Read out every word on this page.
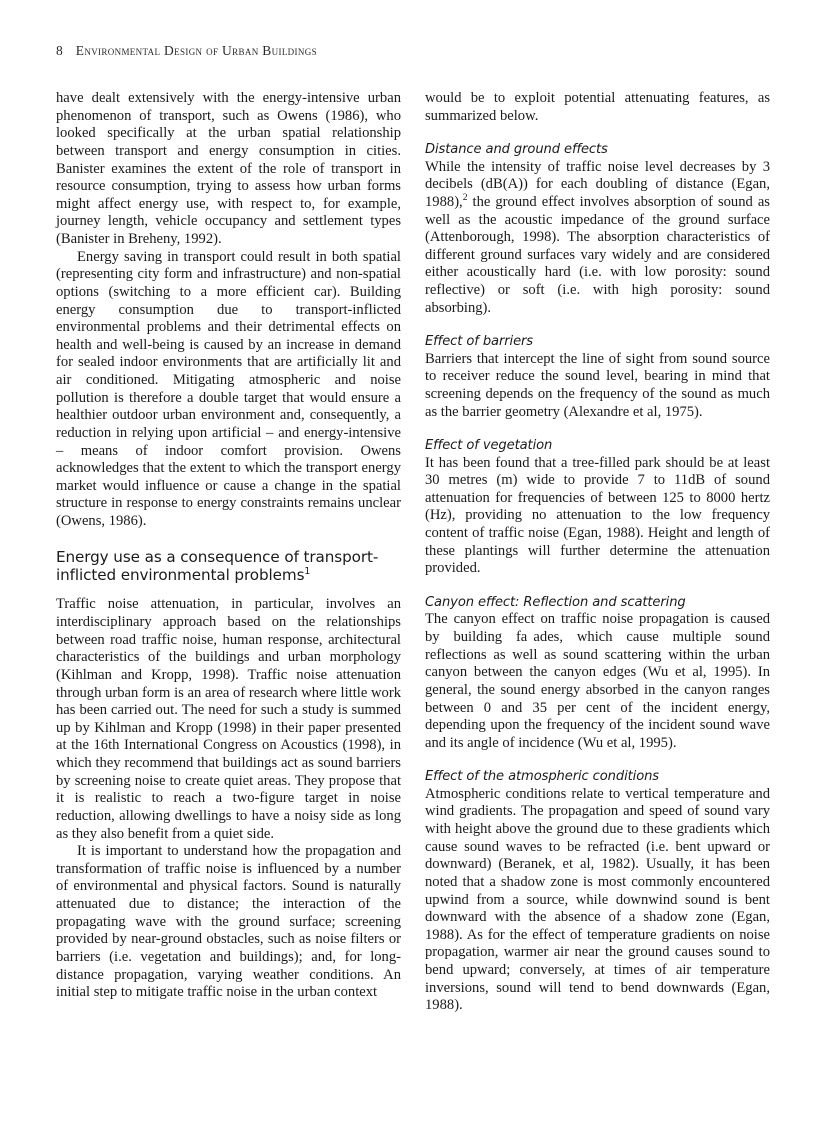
8 Environmental Design of Urban Buildings

have dealt extensively with the energy-intensive urban phenomenon of transport, such as Owens (1986), who looked specifically at the urban spatial relationship between transport and energy consumption in cities. Banister examines the extent of the role of transport in resource consumption, trying to assess how urban forms might affect energy use, with respect to, for example, journey length, vehicle occupancy and settlement types (Banister in Breheny, 1992).

Energy saving in transport could result in both spatial (representing city form and infrastructure) and non-spatial options (switching to a more efficient car). Building energy consumption due to transport-inflicted environmental problems and their detrimental effects on health and well-being is caused by an increase in demand for sealed indoor environments that are artificially lit and air conditioned. Mitigating atmospheric and noise pollution is therefore a double target that would ensure a healthier outdoor urban environment and, consequently, a reduction in relying upon artificial – and energy-intensive – means of indoor comfort provision. Owens acknowledges that the extent to which the transport energy market would influence or cause a change in the spatial structure in response to energy constraints remains unclear (Owens, 1986).

Energy use as a consequence of transport-inflicted environmental problems$^1$

Traffic noise attenuation, in particular, involves an interdisciplinary approach based on the relationships between road traffic noise, human response, architectural characteristics of the buildings and urban morphology (Kihlman and Kropp, 1998). Traffic noise attenuation through urban form is an area of research where little work has been carried out. The need for such a study is summed up by Kihlman and Kropp (1998) in their paper presented at the 16th International Congress on Acoustics (1998), in which they recommend that buildings act as sound barriers by screening noise to create quiet areas. They propose that it is realistic to reach a two-figure target in noise reduction, allowing dwellings to have a noisy side as long as they also benefit from a quiet side.

It is important to understand how the propagation and transformation of traffic noise is influenced by a number of environmental and physical factors. Sound is naturally attenuated due to distance; the interaction of the propagating wave with the ground surface; screening provided by near-ground obstacles, such as noise filters or barriers (i.e. vegetation and buildings); and, for long-distance propagation, varying weather conditions. An initial step to mitigate traffic noise in the urban context

would be to exploit potential attenuating features, as summarized below.

Distance and ground effects

While the intensity of traffic noise level decreases by 3 decibels (dB(A)) for each doubling of distance (Egan, 1988),$^2$ the ground effect involves absorption of sound as well as the acoustic impedance of the ground surface (Attenborough, 1998). The absorption characteristics of different ground surfaces vary widely and are considered either acoustically hard (i.e. with low porosity: sound reflective) or soft (i.e. with high porosity: sound absorbing).

Effect of barriers

Barriers that intercept the line of sight from sound source to receiver reduce the sound level, bearing in mind that screening depends on the frequency of the sound as much as the barrier geometry (Alexandre et al, 1975).

Effect of vegetation

It has been found that a tree-filled park should be at least 30 metres (m) wide to provide 7 to 11dB of sound attenuation for frequencies of between 125 to 8000 hertz (Hz), providing no attenuation to the low frequency content of traffic noise (Egan, 1988). Height and length of these plantings will further determine the attenuation provided.

Canyon effect: Reflection and scattering

The canyon effect on traffic noise propagation is caused by building fa ades, which cause multiple sound reflections as well as sound scattering within the urban canyon between the canyon edges (Wu et al, 1995). In general, the sound energy absorbed in the canyon ranges between 0 and 35 per cent of the incident energy, depending upon the frequency of the incident sound wave and its angle of incidence (Wu et al, 1995).

Effect of the atmospheric conditions

Atmospheric conditions relate to vertical temperature and wind gradients. The propagation and speed of sound vary with height above the ground due to these gradients which cause sound waves to be refracted (i.e. bent upward or downward) (Beranek, et al, 1982). Usually, it has been noted that a shadow zone is most commonly encountered upwind from a source, while downwind sound is bent downward with the absence of a shadow zone (Egan, 1988). As for the effect of temperature gradients on noise propagation, warmer air near the ground causes sound to bend upward; conversely, at times of air temperature inversions, sound will tend to bend downwards (Egan, 1988).
